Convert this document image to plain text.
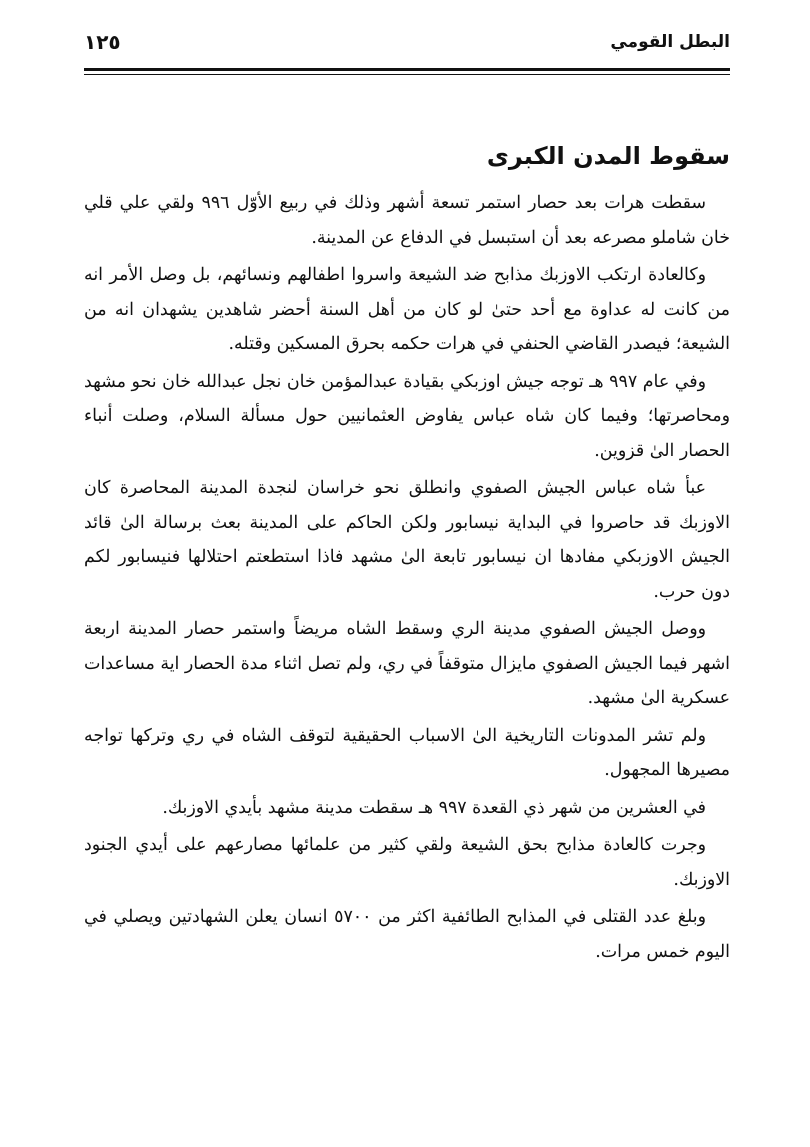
البطل القومي
١٢٥
سقوط المدن الكبرى

سقطت هرات بعد حصار استمر تسعة أشهر وذلك في ربيع الأوّل ٩٩٦ ولقي علي قلي خان شاملو مصرعه بعد أن استبسل في الدفاع عن المدينة.

وكالعادة ارتكب الاوزبك مذابح ضد الشيعة واسروا اطفالهم ونسائهم، بل وصل الأمر انه من كانت له عداوة مع أحد حتىٰ لو كان من أهل السنة أحضر شاهدين يشهدان انه من الشيعة؛ فيصدر القاضي الحنفي في هرات حكمه بحرق المسكين وقتله.

وفي عام ٩٩٧ هـ توجه جيش اوزبكي بقيادة عبدالمؤمن خان نجل عبدالله خان نحو مشهد ومحاصرتها؛ وفيما كان شاه عباس يفاوض العثمانيين حول مسألة السلام، وصلت أنباء الحصار الىٰ قزوين.

عبأ شاه عباس الجيش الصفوي وانطلق نحو خراسان لنجدة المدينة المحاصرة كان الاوزبك قد حاصروا في البداية نيسابور ولكن الحاكم على المدينة بعث برسالة الىٰ قائد الجيش الاوزبكي مفادها ان نيسابور تابعة الىٰ مشهد فاذا استطعتم احتلالها فنيسابور لكم دون حرب.

ووصل الجيش الصفوي مدينة الري وسقط الشاه مريضاً واستمر حصار المدينة اربعة اشهر فيما الجيش الصفوي مايزال متوقفاً في ري، ولم تصل اثناء مدة الحصار اية مساعدات عسكرية الىٰ مشهد.

ولم تشر المدونات التاريخية الىٰ الاسباب الحقيقية لتوقف الشاه في ري وتركها تواجه مصيرها المجهول.

في العشرين من شهر ذي القعدة ٩٩٧ هـ سقطت مدينة مشهد بأيدي الاوزبك.

وجرت كالعادة مذابح بحق الشيعة ولقي كثير من علمائها مصارعهم على أيدي الجنود الاوزبك.

وبلغ عدد القتلى في المذابح الطائفية اكثر من ٥٧٠٠ انسان يعلن الشهادتين ويصلي في اليوم خمس مرات.
